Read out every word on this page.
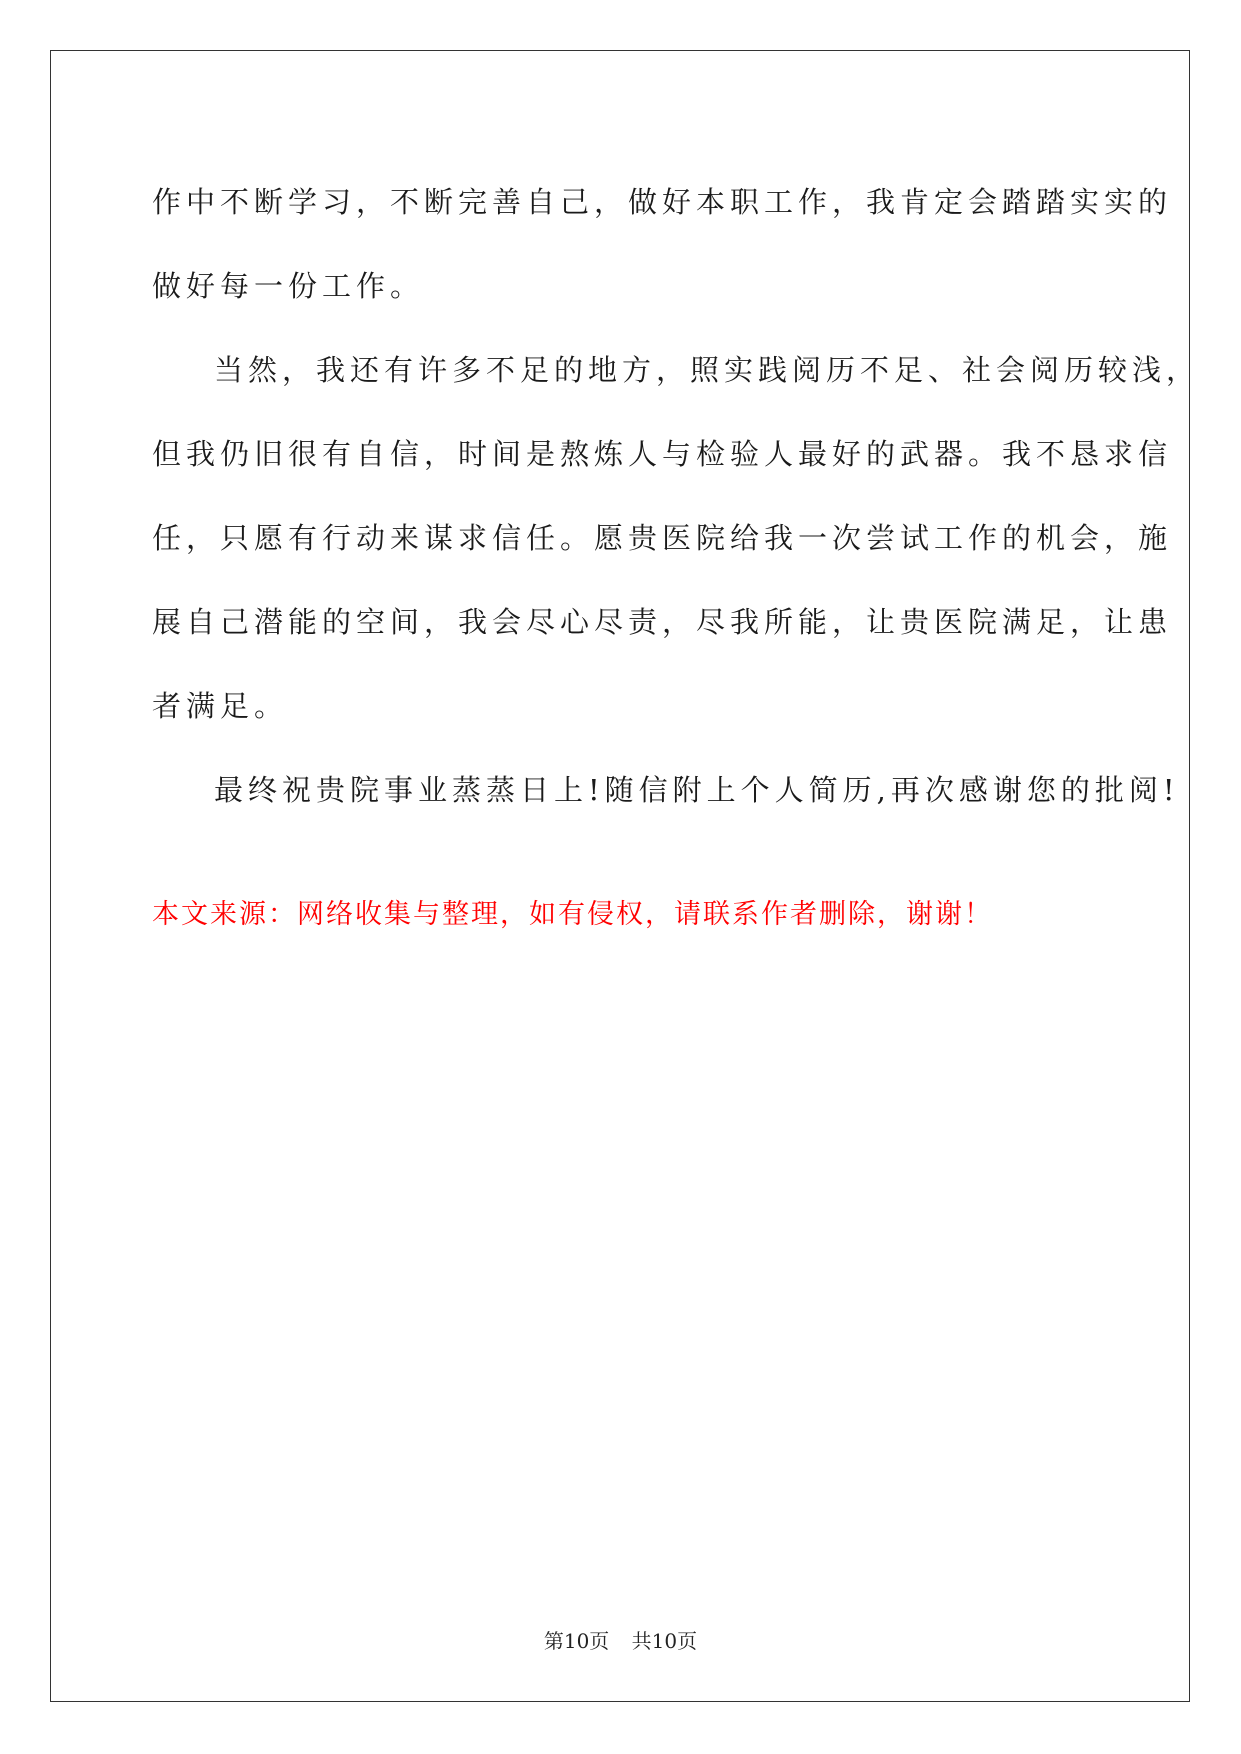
作中不断学习，不断完善自己，做好本职工作，我肯定会踏踏实实的
做好每一份工作。

当然，我还有许多不足的地方，照实践阅历不足、社会阅历较浅，
但我仍旧很有自信，时间是熬炼人与检验人最好的武器。我不恳求信
任，只愿有行动来谋求信任。愿贵医院给我一次尝试工作的机会，施
展自己潜能的空间，我会尽心尽责，尽我所能，让贵医院满足，让患
者满足。

最终祝贵院事业蒸蒸日上!随信附上个人简历,再次感谢您的批阅!

本文来源：网络收集与整理，如有侵权，请联系作者删除，谢谢！
第10页 共10页
